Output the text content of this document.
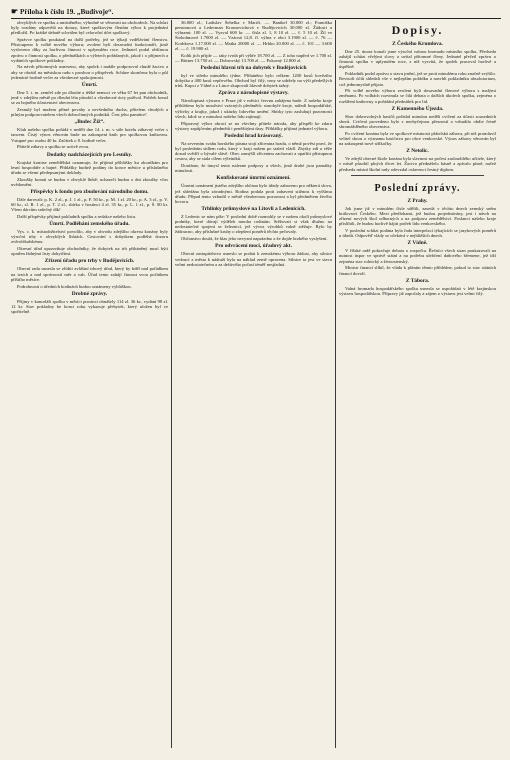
☛ Příloha k číslu 19. „Budivoje“.

obvyklých ve spolku a umístěného, výhodně se věnovati na obchodech. Na schůzi byly rozdány odpovědi na dotazy, které spolkovým členům výbor k projednání předložil. Po krátké debatě schválen byl celoroční účet spolkový.

Správce spolku poukázal na další potřeby, jež se týkají vzdělávání členstva. Přistoupeno k volbě nového výboru; zvoleni byli dosavadní funkcionáři, jimž vysloveno díky za horlivou činnost v uplynulém roce. Jednatel podal obšírnou zprávu o činnosti spolku, o přednáškách a výletech pořádaných, jakož i o příjmech a vydáních spolkové pokladny.

Na návrh přítomných usneseno, aby spolek i nadále podporoval chudé žactvo a aby se obrátil na městskou radu s prosbou o příspěvek. Schůze skončena byla o půl jedenácté hodině večer za všeobecné spokojenosti.

Úmrtí.

Dne 5. t. m. zemřel zde po dlouhé a těžké nemoci ve věku 67 let pan obchodník, jenž v zdejším městě po dlouhá léta působil a všeobecné úcty požíval. Pohřeb konal se za hojného účastenství obecenstva.

Zesnulý byl mužem přímé povahy a nevšedního ducha, přítelem chudých a pilným podporovatelem všech dobročinných podniků. Čest jeho památce!

„Budec Žiž“.

Klub našeho spolku pořádá v neděli dne 14. t. m. v sále hotelu zábavný večer s tancem. Čistý výnos věnován bude na zakoupení knih pro spolkovou knihovnu. Vstupné pro osobu 40 kr. Začátek o 8. hodině večer.

Přátelé zábavy a spolku se uctivě zvou.

Dodatky nadcházejících pro Lesníky.

Krajská komise zemědělská oznamuje, že přijímá přihlášky ku zkouškám pro lesní hospodáře a hajné. Přihlášky budtež podány do konce měsíce u příslušného úřadu se všemi předepsanými doklady.

Zkoušky konati se budou v obvyklé lhůtě; uchazeči budou o dni zkoušky včas uvědoměni.

Přispěvky k fondu pro zbudování národního domu.

Dále darovali: p. K. 2 zl., p. J. 1 zl., p. F. 50 kr., p. M. 1 zl. 20 kr., p. A. 3 zl., p. V. 60 kr., sl. R. 1 zl., p. T. 2 zl., sbírka v hostinci 4 zl. 35 kr., p. L. 1 zl., p. Š. 80 kr. Všem dárcům srdečný dík!

Další příspěvky přijímá pokladník spolku a redakce našeho listu.

Úmrtí. Podléhání zemského úřadu.

Vys. c. k. místodržitelství povolilo, aby v obvodu zdejšího okresu konány byly výroční trhy v obvyklých lhůtách. Cestování s dobytkem podléhá dozoru zvěrolékařskému.

Okresní úřad upozorňuje obchodníky, že dobytek na trh přiháněný musí býti opatřen řádnými listy dobytčími.

Zřízení úřadu pro trhy v Budějovicích.

Obecní rada usnesla se zříditi zvláštní trhový úřad, který by bděl nad pořádkem na trzích a nad správností měr a vah. Úřad tento zahájí činnost svou počátkem příštího měsíce.

Podrobnosti o úředních hodinách budou oznámeny vyhláškou.

Drobné zprávy.

Příjmy v kanceláři spolku v měsíci prosinci obnášely 114 zl. 36 kr., vydání 98 zl. 12 kr. Stav pokladny ke konci roku vykazuje přebytek, který uložen byl ve spořitelně.

36.000 zl.; Ladislav Šebelka v Mariči. — Banikel 30.000 zl.; Františka pensionová a Lederman Krasnovichová v Budějovicích 30.000 zl. Žádostí a výhrami: 100 zl. — Vyzval 600 kr. — čísla zl. 1, 8 10 zl. — č. 5 10 zl. Žil ve Štokohmové 1.7000 zl. — Vzácná 12,8. fl. výhra v obci 3.1900 zl. — č. 76 — Korbkova 1.17.000 zl. — Matka 20000 zl. — Hrbko 20.000 zl. — č. 101 — 3.600 zl. — č. 19.900 zl.

Kolik jich přijde — taky tvrdá při výhře 18.700 zl. — Z toho napřed ve 1.700 zl. — Bittner 13.750 zl. — Dobrovský 13.700 zl. — Pokorný 12.800 zl.

Poslední hlavní trh na dobytek v Budějovicích

byl ve středu minulého týdne. Přiháněno bylo celkem 1200 kusů hovězího dobytka a 400 kusů vepřového. Obchod byl čilý, ceny se udržely na výši předešlých trhů. Kupci z Vídně a z Lince skupovali hlavně dobytek tažný.

Zpráva z národopisné výstavy.

Národopisná výstava v Praze již v měsíci červnu zahájena bude. Z našeho kraje přihlášeno bylo množství vzácných předmětů: starobylé kroje, nářadí hospodářské, výšivky a krajky, jakož i ukázky lidového umění. Sbírky tyto zasluhují pozornosti všech, kdož se o minulost našeho lidu zajímají.

Přípravný výbor obrací se na všechny přátele národa, aby přispěli ke zdaru výstavy zapůjčením předmětů i peněžitými dary. Přihlášky přijímá jednatel výboru.

Poslední hrad krásovaný.

Na severním svahu horského pásma stojí zřícenina hradu, o němž pověst praví, že byl posledním sídlem rodu, který v kraji našem po staletí vládl. Zbytky zdí a věže dosud svědčí o bývalé slávě. Obec zamýšlí zříceninu zachovati a opatřiti přístupnou cestou, aby se stala cílem výletníků.

Doufáme, že úmysl tento nalezne podpory u všech, jimž drahé jsou památky minulosti.

Konfiskované úmrtní oznámení.

Úmrtní oznámení jistého zdejšího občana bylo úřady zabaveno pro některá slova, jež shledána byla závadnými. Rodina podala proti zabavení stížnost k vyššímu úřadu. Případ tento vzbudil v městě všeobecnou pozornost a byl předmětem živého hovoru.

Trhlinky průmyslové na Litovli a Ledenicích.

Z Ledenic se nám píše: V poslední době rozmohly se v našem okolí průmyslové podniky, které dávají výdělek mnoha rodinám. Stěžovati si však dlužno na nedostatečné spojení se železnicí, jež vývoz výrobků valně ztěžuje. Bylo by žádoucno, aby příslušné kruhy o zlepšení poměrů těchto pečovaly.

Občanstvo doufá, že hlas jeho nevyzní naprázdno a že dojde brzkého vyslyšení.

Pro odvrácení moci, úřadový akt.

Obecní zastupitelstvo usneslo se podati k zemskému výboru žádost, aby silnice vedoucí z města k nádraží byla na náklad země opravena. Silnice ta jest ve stavu velmi nedostatečném a za deštivého počasí téměř nesjízdná.

Dopisy.
Z Českého Krumlova.

Dne 25. února konali jsme výroční valnou hromadu místního spolku. Předseda zahájil schůzi vřelými slovy a uvítal přítomné členy. Jednatel přečetl zprávu o činnosti spolku v uplynulém roce, z níž vysvítá, že spolek pracoval horlivě a úspěšně.

Pokladník podal zprávu o stavu jmění, jež se proti minulému roku značně zvýšilo. Revisoři účtů shledali vše v nejlepším pořádku a navrhli pokladníku absolutorium, což jednomyslně přijato.

Při volbě nového výboru zvoleni byli dosavadní členové výboru s malými změnami. Po volbách rozvinula se čilá debata o dalších úkolech spolku, zejména o rozšíření knihovny a pořádání přednášek pro lid.

Z Kamenného Újezda.

Sbor dobrovolných hasičů pořádal minulou neděli cvičení za účasti sousedních sborů. Cvičení provedeno bylo s neobyčejnou přesností a vzbudilo obdiv četně shromážděného obecenstva.

Po cvičení konána byla ve spolkové místnosti přátelská zábava, při níž promluvil velitel sboru o významu hasičstva pro obce venkovské. Výnos zábavy věnován byl na zakoupení nové stříkačky.

Z Netolic.

Ve zdejší obecné škole konána byla slavnost na počest zasloužilého učitele, který v místě působil plných třicet let. Žactvo přednášelo básně a zpívalo písně, načež předseda místní školní rady odevzdal oslavenci čestný diplom.

Poslední zprávy.
Z Prahy.

Jak jsme již v minulém čísle sdělili, zasedá v těchto dnech zemský sněm království Českého. Mezi předlohami, jež budou projednávány, jest i návrh na zřízení nových škol odborných a na podporu zemědělství. Poslanci našeho kraje přislíbili, že budou horlivě hájiti potřeb lidu venkovského.

V poslední schůzi podána byla řada interpelací týkajících se jazykových poměrů u úřadů. Odpověď vlády se očekává v nejbližších dnech.

Z Vídně.

V říšské radě pokračuje debata o rozpočtu. Řečníci všech stran poukazovali na nutnost úspor ve správě státní a na potřebu ulehčení daňového břemene, jež tíží zejména stav rolnický a živnostenský.

Ministr financí slíbil, že vláda k přáním těmto přihlédne, pokud to stav státních financí dovolí.

Z Tábora.

Valná hromada hospodářského spolku usnesla se uspořádati v létě krajinskou výstavu hospodářskou. Přípravy již započaly a zájem o výstavu jest velmi čilý.
